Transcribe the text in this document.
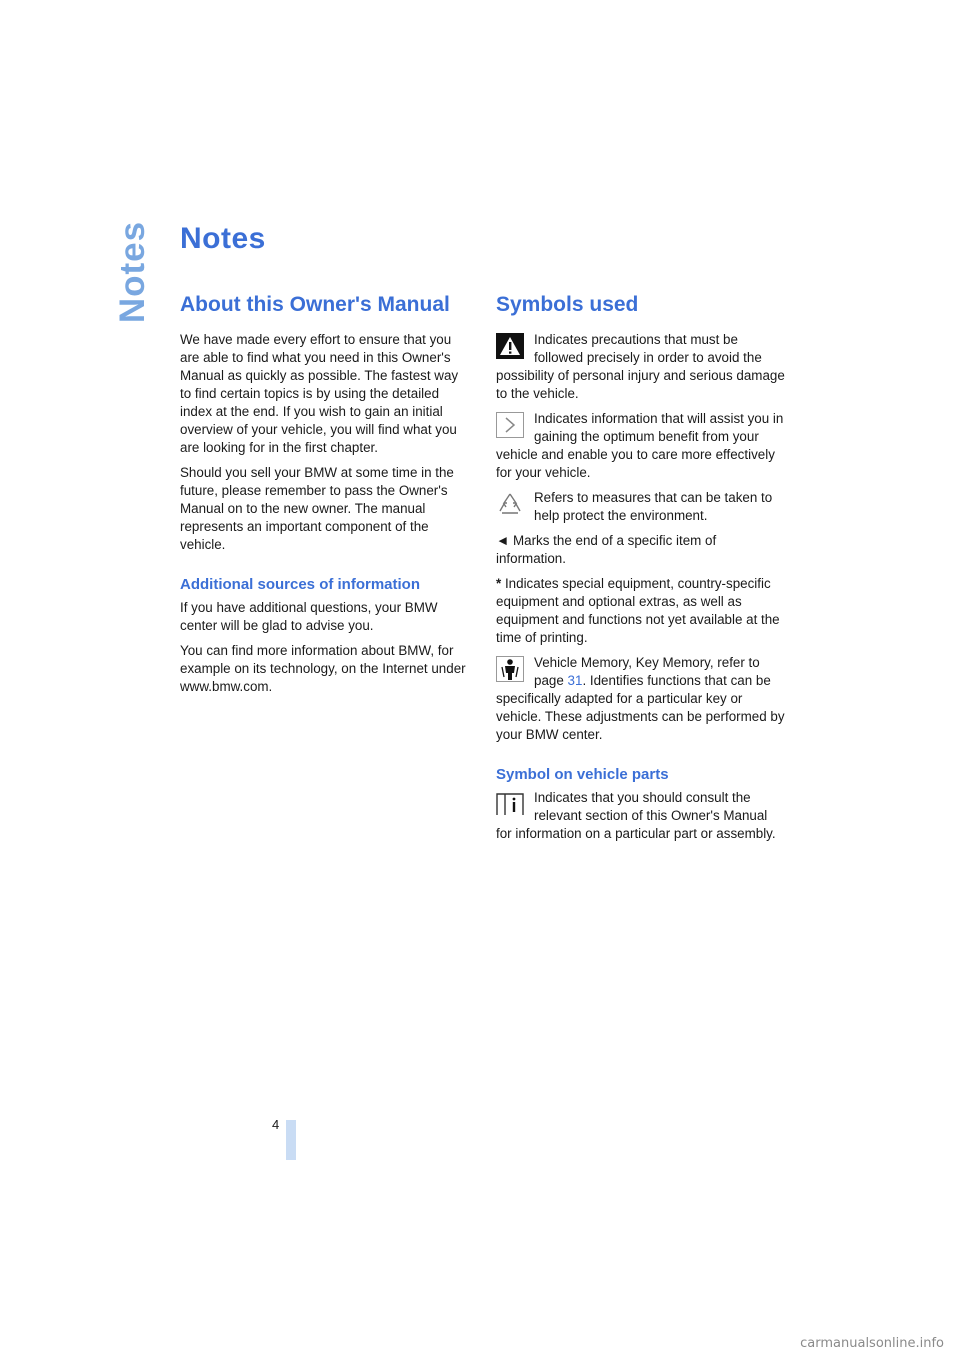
Notes Notes
About this Owner's Manual

We have made every effort to ensure that you are able to find what you need in this Owner's Manual as quickly as possible. The fastest way to find certain topics is by using the detailed index at the end. If you wish to gain an initial overview of your vehicle, you will find what you are looking for in the first chapter.

Should you sell your BMW at some time in the future, please remember to pass the Owner's Manual on to the new owner. The manual represents an important component of the vehicle.

Additional sources of information

If you have additional questions, your BMW center will be glad to advise you.

You can find more information about BMW, for example on its technology, on the Internet under www.bmw.com.

Symbols used

Indicates precautions that must be followed precisely in order to avoid the possibility of personal injury and serious damage to the vehicle.

Indicates information that will assist you in gaining the optimum benefit from your vehicle and enable you to care more effectively for your vehicle.

Refers to measures that can be taken to help protect the environment.

◄ Marks the end of a specific item of information.

* Indicates special equipment, country-specific equipment and optional extras, as well as equipment and functions not yet available at the time of printing.

Vehicle Memory, Key Memory, refer to page 31. Identifies functions that can be specifically adapted for a particular key or vehicle. These adjustments can be performed by your BMW center.

Symbol on vehicle parts

Indicates that you should consult the relevant section of this Owner's Manual for information on a particular part or assembly.

4
carmanualsonline.info
